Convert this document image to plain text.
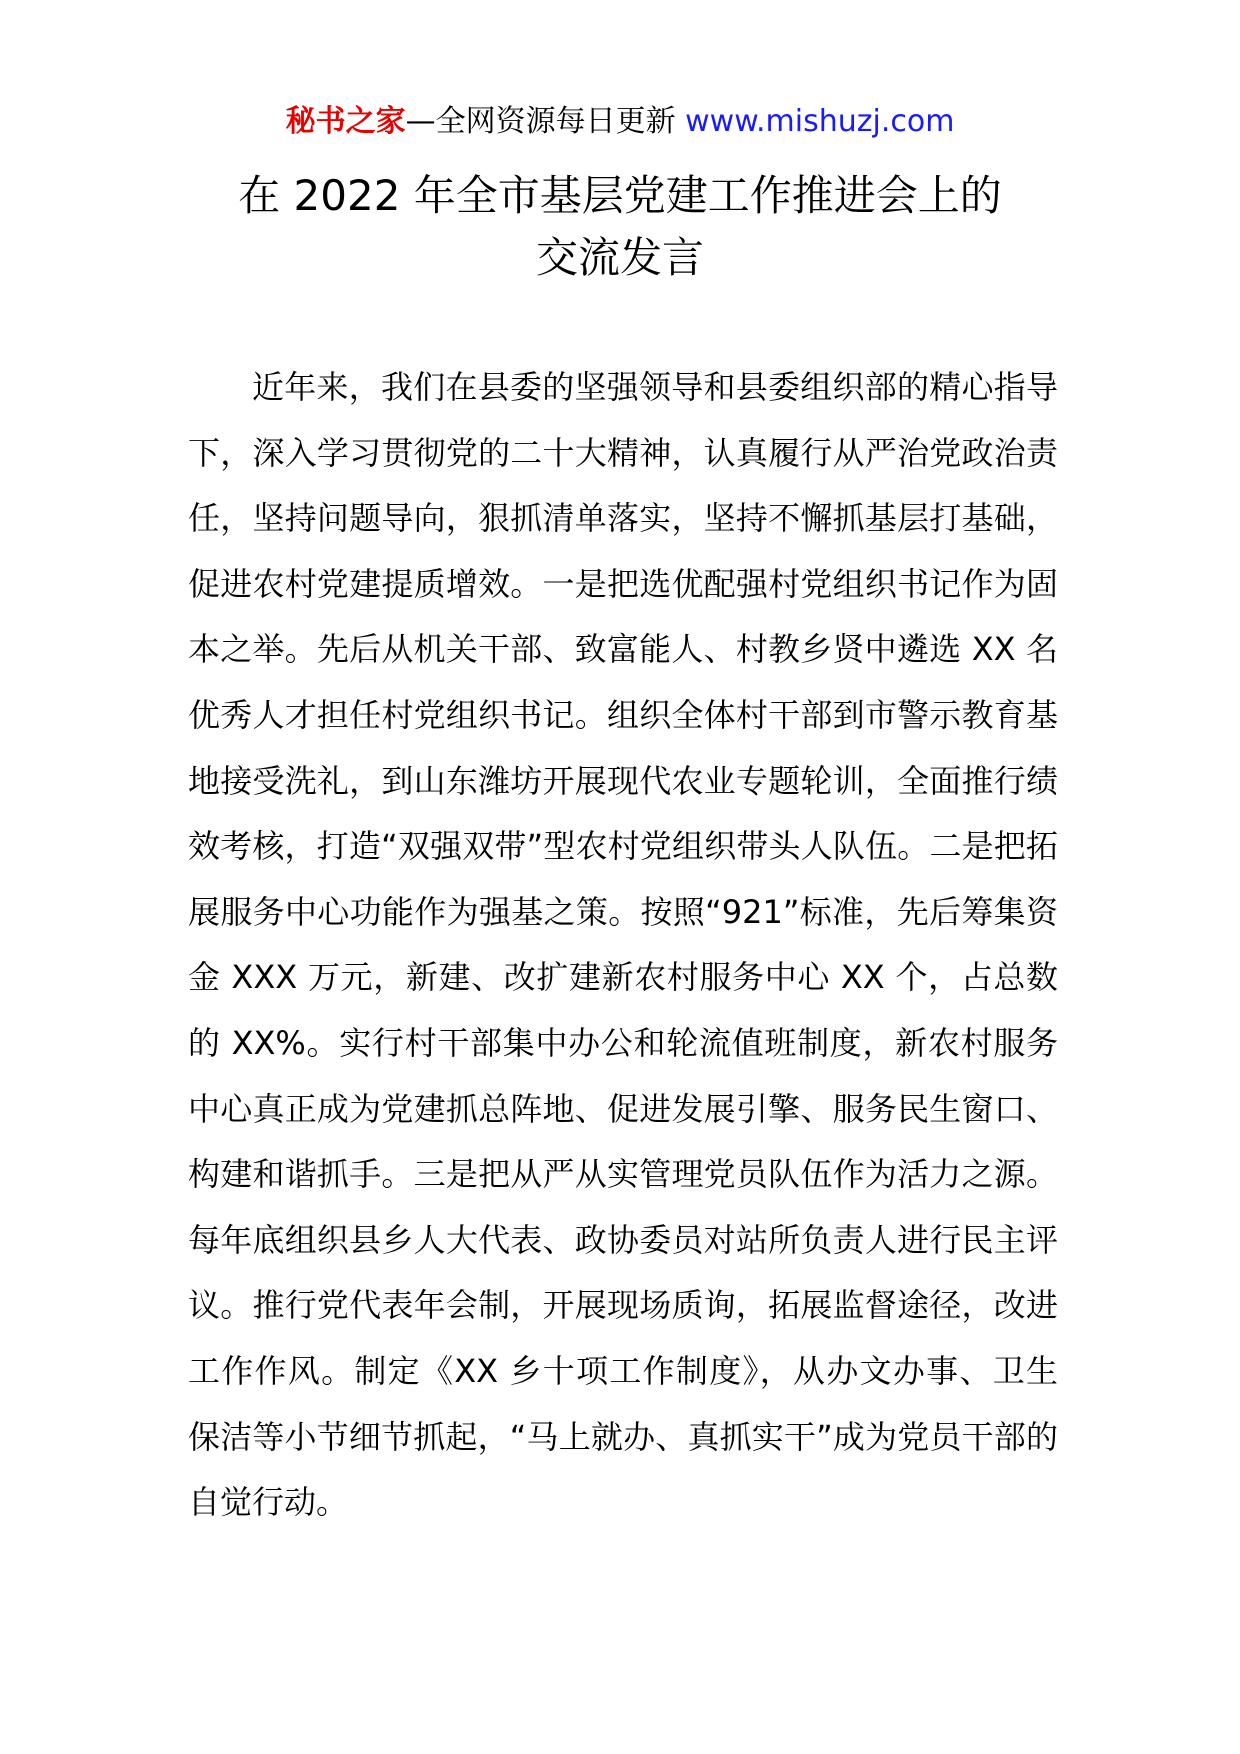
秘书之家—全网资源每日更新 www.mishuzj.com
在 2022 年全市基层党建工作推进会上的
交流发言

近年来，我们在县委的坚强领导和县委组织部的精心指导下，深入学习贯彻党的二十大精神，认真履行从严治党政治责任，坚持问题导向，狠抓清单落实，坚持不懈抓基层打基础，促进农村党建提质增效。一是把选优配强村党组织书记作为固本之举。先后从机关干部、致富能人、村教乡贤中遴选 XX 名优秀人才担任村党组织书记。组织全体村干部到市警示教育基地接受洗礼，到山东潍坊开展现代农业专题轮训，全面推行绩效考核，打造“双强双带”型农村党组织带头人队伍。二是把拓展服务中心功能作为强基之策。按照“921”标准，先后筹集资金 XXX 万元，新建、改扩建新农村服务中心 XX 个，占总数的 XX%。实行村干部集中办公和轮流值班制度，新农村服务中心真正成为党建抓总阵地、促进发展引擎、服务民生窗口、构建和谐抓手。三是把从严从实管理党员队伍作为活力之源。每年底组织县乡人大代表、政协委员对站所负责人进行民主评议。推行党代表年会制，开展现场质询，拓展监督途径，改进工作作风。制定《XX 乡十项工作制度》，从办文办事、卫生保洁等小节细节抓起，“马上就办、真抓实干”成为党员干部的自觉行动。
